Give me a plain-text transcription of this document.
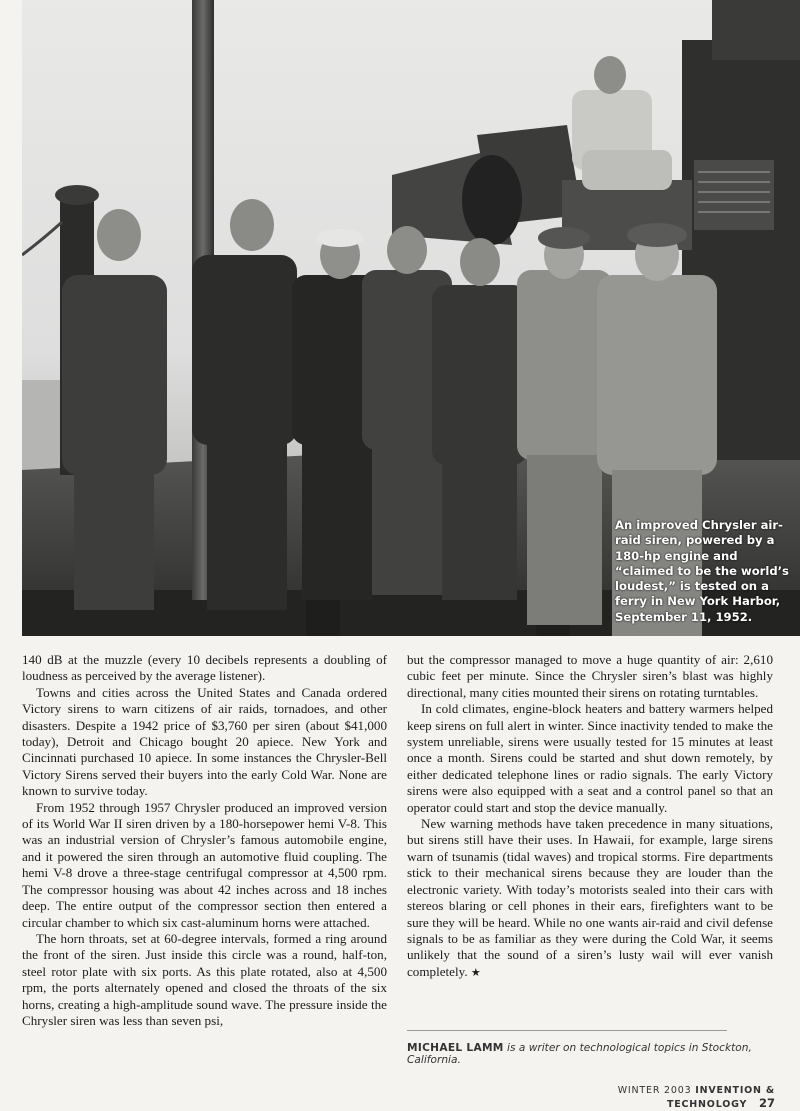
An improved Chrysler air-raid siren, powered by a 180-hp engine and “claimed to be the world’s loudest,” is tested on a ferry in New York Harbor, September 11, 1952.

140 dB at the muzzle (every 10 decibels represents a doubling of loudness as perceived by the average listener).

Towns and cities across the United States and Canada ordered Victory sirens to warn citizens of air raids, tornadoes, and other disasters. Despite a 1942 price of $3,760 per siren (about $41,000 today), Detroit and Chicago bought 20 apiece. New York and Cincinnati purchased 10 apiece. In some instances the Chrysler-Bell Victory Sirens served their buyers into the early Cold War. None are known to survive today.

From 1952 through 1957 Chrysler produced an improved version of its World War II siren driven by a 180-horsepower hemi V-8. This was an industrial version of Chrysler’s famous automobile engine, and it powered the siren through an automotive fluid coupling. The hemi V-8 drove a three-stage centrifugal compressor at 4,500 rpm. The compressor housing was about 42 inches across and 18 inches deep. The entire output of the compressor section then entered a circular chamber to which six cast-aluminum horns were attached.

The horn throats, set at 60-degree intervals, formed a ring around the front of the siren. Just inside this circle was a round, half-ton, steel rotor plate with six ports. As this plate rotated, also at 4,500 rpm, the ports alternately opened and closed the throats of the six horns, creating a high-amplitude sound wave. The pressure inside the Chrysler siren was less than seven psi,

but the compressor managed to move a huge quantity of air: 2,610 cubic feet per minute. Since the Chrysler siren’s blast was highly directional, many cities mounted their sirens on rotating turntables.

In cold climates, engine-block heaters and battery warmers helped keep sirens on full alert in winter. Since inactivity tended to make the system unreliable, sirens were usually tested for 15 minutes at least once a month. Sirens could be started and shut down remotely, by either dedicated telephone lines or radio signals. The early Victory sirens were also equipped with a seat and a control panel so that an operator could start and stop the device manually.

New warning methods have taken precedence in many situations, but sirens still have their uses. In Hawaii, for example, large sirens warn of tsunamis (tidal waves) and tropical storms. Fire departments stick to their mechanical sirens because they are louder than the electronic variety. With today’s motorists sealed into their cars with stereos blaring or cell phones in their ears, firefighters want to be sure they will be heard. While no one wants air-raid and civil defense signals to be as familiar as they were during the Cold War, it seems unlikely that the sound of a siren’s lusty wail will ever vanish completely. ★

MICHAEL LAMM is a writer on technological topics in Stockton, California.
WINTER 2003 INVENTION & TECHNOLOGY 27
